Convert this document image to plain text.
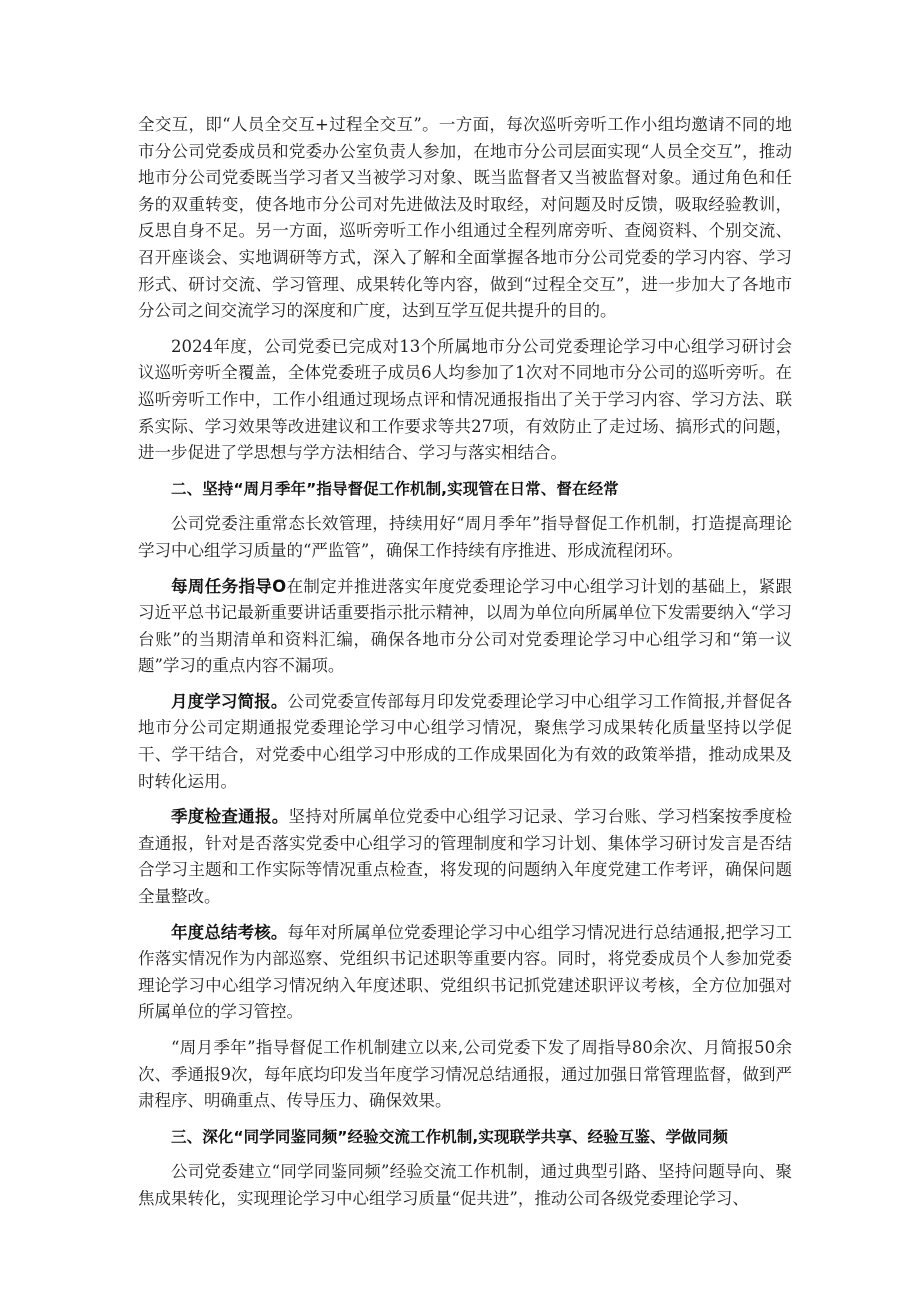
全交互，即“人员全交互+过程全交互”。一方面，每次巡听旁听工作小组均邀请不同的地市分公司党委成员和党委办公室负责人参加，在地市分公司层面实现“人员全交互”，推动地市分公司党委既当学习者又当被学习对象、既当监督者又当被监督对象。通过角色和任务的双重转变，使各地市分公司对先进做法及时取经，对问题及时反馈，吸取经验教训，反思自身不足。另一方面，巡听旁听工作小组通过全程列席旁听、查阅资料、个别交流、召开座谈会、实地调研等方式，深入了解和全面掌握各地市分公司党委的学习内容、学习形式、研讨交流、学习管理、成果转化等内容，做到“过程全交互”，进一步加大了各地市分公司之间交流学习的深度和广度，达到互学互促共提升的目的。

2024年度，公司党委已完成对13个所属地市分公司党委理论学习中心组学习研讨会议巡听旁听全覆盖，全体党委班子成员6人均参加了1次对不同地市分公司的巡听旁听。在巡听旁听工作中，工作小组通过现场点评和情况通报指出了关于学习内容、学习方法、联系实际、学习效果等改进建议和工作要求等共27项，有效防止了走过场、搞形式的问题，进一步促进了学思想与学方法相结合、学习与落实相结合。

二、坚持“周月季年”指导督促工作机制,实现管在日常、督在经常

公司党委注重常态长效管理，持续用好“周月季年”指导督促工作机制，打造提高理论学习中心组学习质量的“严监管”，确保工作持续有序推进、形成流程闭环。

每周任务指导O在制定并推进落实年度党委理论学习中心组学习计划的基础上，紧跟习近平总书记最新重要讲话重要指示批示精神，以周为单位向所属单位下发需要纳入“学习台账”的当期清单和资料汇编，确保各地市分公司对党委理论学习中心组学习和“第一议题”学习的重点内容不漏项。

月度学习简报。公司党委宣传部每月印发党委理论学习中心组学习工作简报,并督促各地市分公司定期通报党委理论学习中心组学习情况，聚焦学习成果转化质量坚持以学促干、学干结合，对党委中心组学习中形成的工作成果固化为有效的政策举措，推动成果及时转化运用。

季度检查通报。坚持对所属单位党委中心组学习记录、学习台账、学习档案按季度检查通报，针对是否落实党委中心组学习的管理制度和学习计划、集体学习研讨发言是否结合学习主题和工作实际等情况重点检查，将发现的问题纳入年度党建工作考评，确保问题全量整改。

年度总结考核。每年对所属单位党委理论学习中心组学习情况进行总结通报,把学习工作落实情况作为内部巡察、党组织书记述职等重要内容。同时，将党委成员个人参加党委理论学习中心组学习情况纳入年度述职、党组织书记抓党建述职评议考核，全方位加强对所属单位的学习管控。

“周月季年”指导督促工作机制建立以来,公司党委下发了周指导80余次、月简报50余次、季通报9次，每年底均印发当年度学习情况总结通报，通过加强日常管理监督，做到严肃程序、明确重点、传导压力、确保效果。

三、深化“同学同鉴同频”经验交流工作机制,实现联学共享、经验互鉴、学做同频

公司党委建立“同学同鉴同频”经验交流工作机制，通过典型引路、坚持问题导向、聚焦成果转化，实现理论学习中心组学习质量“促共进”，推动公司各级党委理论学习、
